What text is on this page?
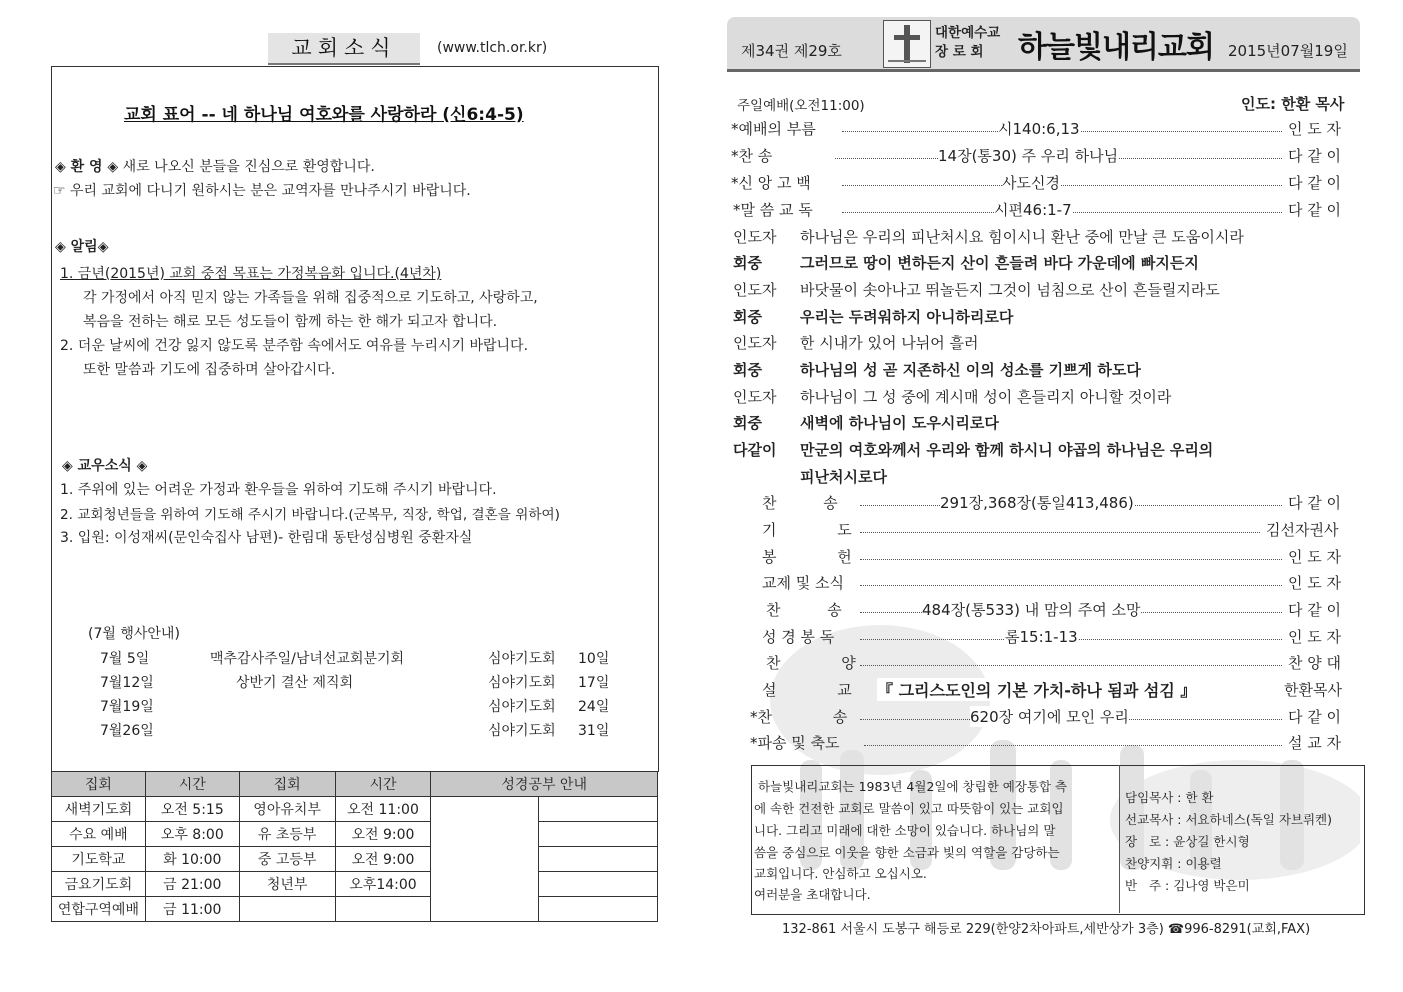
교회소식	(www.tlch.or.kr)
교회 표어 -- 네 하나님 여호와를 사랑하라 (신6:4-5)
◈ 환 영 ◈ 새로 나오신 분들을 진심으로 환영합니다.
☞ 우리 교회에 다니기 원하시는 분은 교역자를 만나주시기 바랍니다.
◈ 알림◈
1. 금년(2015년) 교회 중점 목표는 가정복음화 입니다.(4년차)
각 가정에서 아직 믿지 않는 가족들을 위해 집중적으로 기도하고, 사랑하고,
복음을 전하는 해로 모든 성도들이 함께 하는 한 해가 되고자 합니다.
2. 더운 날씨에 건강 잃지 않도록 분주함 속에서도 여유를 누리시기 바랍니다.
또한 말씀과 기도에 집중하며 살아갑시다.
◈ 교우소식 ◈
1. 주위에 있는 어려운 가정과 환우들을 위하여 기도해 주시기 바랍니다.
2. 교회청년들을 위하여 기도해 주시기 바랍니다.(군복무, 직장, 학업, 결혼을 위하여)
3. 입원: 이성재씨(문인숙집사 남편)- 한림대 동탄성심병원 중환자실
(7월 행사안내)
7월 5일	맥추감사주일/남녀선교회분기회	심야기도회 10일
7월12일	상반기 결산 제직회	심야기도회 17일
7월19일	심야기도회 24일
7월26일	심야기도회 31일
집회	시간	집회	시간	성경공부 안내	
새벽기도회	오전 5:15	영아유치부	오전 11:00		
수요 예배	오후 8:00	유 초등부	오전 9:00		
기도학교	화 10:00	중 고등부	오전 9:00		
금요기도회	금 21:00	청년부	오후14:00		
연합구역예배	금 11:00				
제34권 제29호
대한예수교
장 로 회	하늘빛내리교회 2015년07월19일
주일예배(오전11:00)	인도: 한환 목사
*예배의 부름	시140:6,13	인 도 자
*찬 송	14장(통30) 주 우리 하나님	다 같 이
*신 앙 고 백	사도신경	다 같 이
*말 씀 교 독	시편46:1-7	다 같 이
인도자 하나님은 우리의 피난처시요 힘이시니 환난 중에 만날 큰 도움이시라
회중	그러므로 땅이 변하든지 산이 흔들려 바다 가운데에 빠지든지
인도자 바닷물이 솟아나고 뛰놀든지 그것이 넘침으로 산이 흔들릴지라도
회중	우리는 두려워하지 아니하리로다
인도자 한 시내가 있어 나뉘어 흘러
회중	하나님의 성 곧 지존하신 이의 성소를 기쁘게 하도다
인도자 하나님이 그 성 중에 계시매 성이 흔들리지 아니할 것이라
회중	새벽에 하나님이 도우시리로다
다같이 만군의 여호와께서 우리와 함께 하시니 야곱의 하나님은 우리의
피난처시로다
찬 송	291장,368장(통일413,486)	다 같 이
기 도	김선자권사
봉 헌	인 도 자
교제 및 소식	인 도 자
찬 송	484장(통533) 내 맘의 주여 소망	다 같 이
성 경 봉 독	롬15:1-13	인 도 자
찬 양	찬 양 대
설 교 『 그리스도인의 기본 가치-하나 됨과 섬김 』	한환목사
*찬 송	620장 여기에 모인 우리	다 같 이
*파송 및 축도	설 교 자
하늘빛내리교회는 1983년 4월2일에 창립한 예장통합 측
에 속한 건전한 교회로 말씀이 있고 따뜻함이 있는 교회입
니다. 그리고 미래에 대한 소망이 있습니다. 하나님의 말
씀을 중심으로 이웃을 향한 소금과 빛의 역할을 감당하는
교회입니다. 안심하고 오십시오.
여러분을 초대합니다.
담임목사 : 한 환
선교목사 : 서요하네스(독일 자브뤼켄)
장   로 : 윤상길 한시형
찬양지휘 : 이용렬
반   주 : 김나영 박은미
132-861 서울시 도봉구 해등로 229(한양2차아파트,세반상가 3층) ☎996-8291(교회,FAX)
